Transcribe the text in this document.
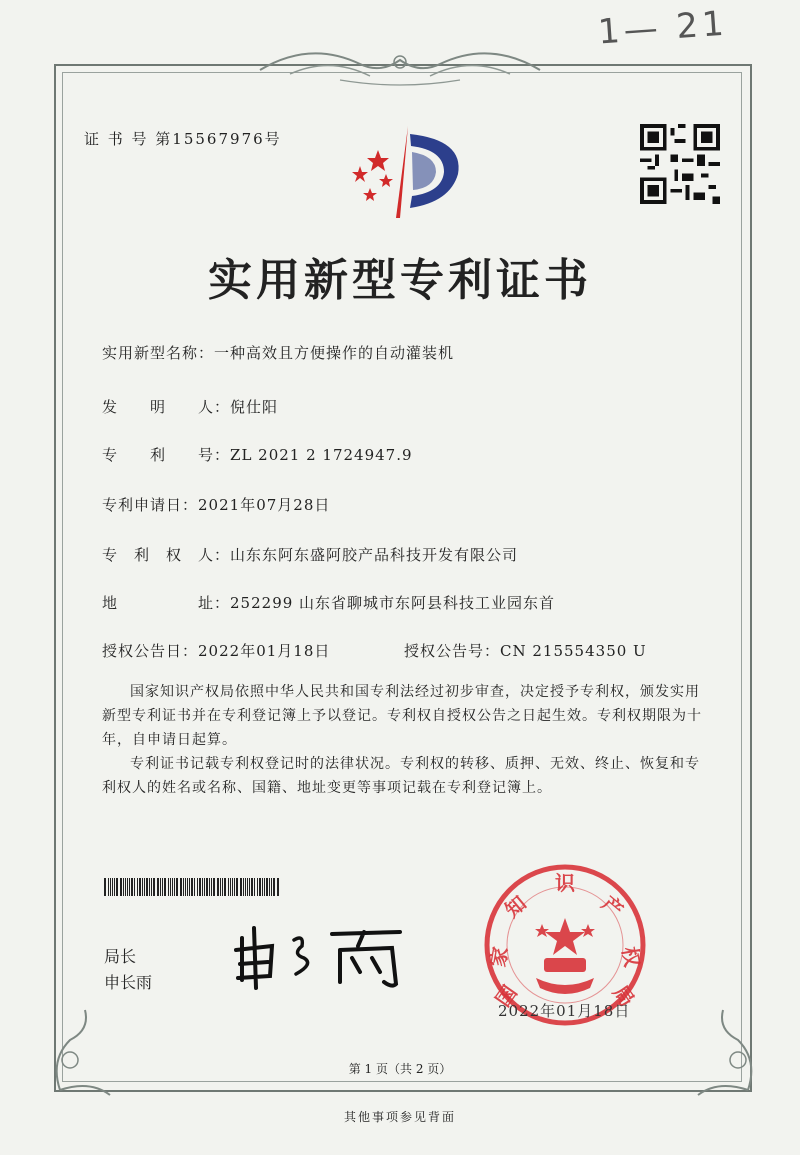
1— 21
证 书 号 第15567976号
实用新型专利证书
实用新型名称：一种高效且方便操作的自动灌装机
发　　明　　人：倪仕阳
专　　利　　号：ZL 2021 2 1724947.9
专利申请日：2021年07月28日
专　利　权　人：山东东阿东盛阿胶产品科技开发有限公司
地　　　　　址：252299 山东省聊城市东阿县科技工业园东首
授权公告日：2022年01月18日	授权公告号：CN 215554350 U
国家知识产权局依照中华人民共和国专利法经过初步审查，决定授予专利权，颁发实用新型专利证书并在专利登记簿上予以登记。专利权自授权公告之日起生效。专利权期限为十年，自申请日起算。
专利证书记载专利权登记时的法律状况。专利权的转移、质押、无效、终止、恢复和专利权人的姓名或名称、国籍、地址变更等事项记载在专利登记簿上。
局长
申长雨	国
家
知
识
产
权
局
2022年01月18日
第 1 页（共 2 页）
其他事项参见背面
